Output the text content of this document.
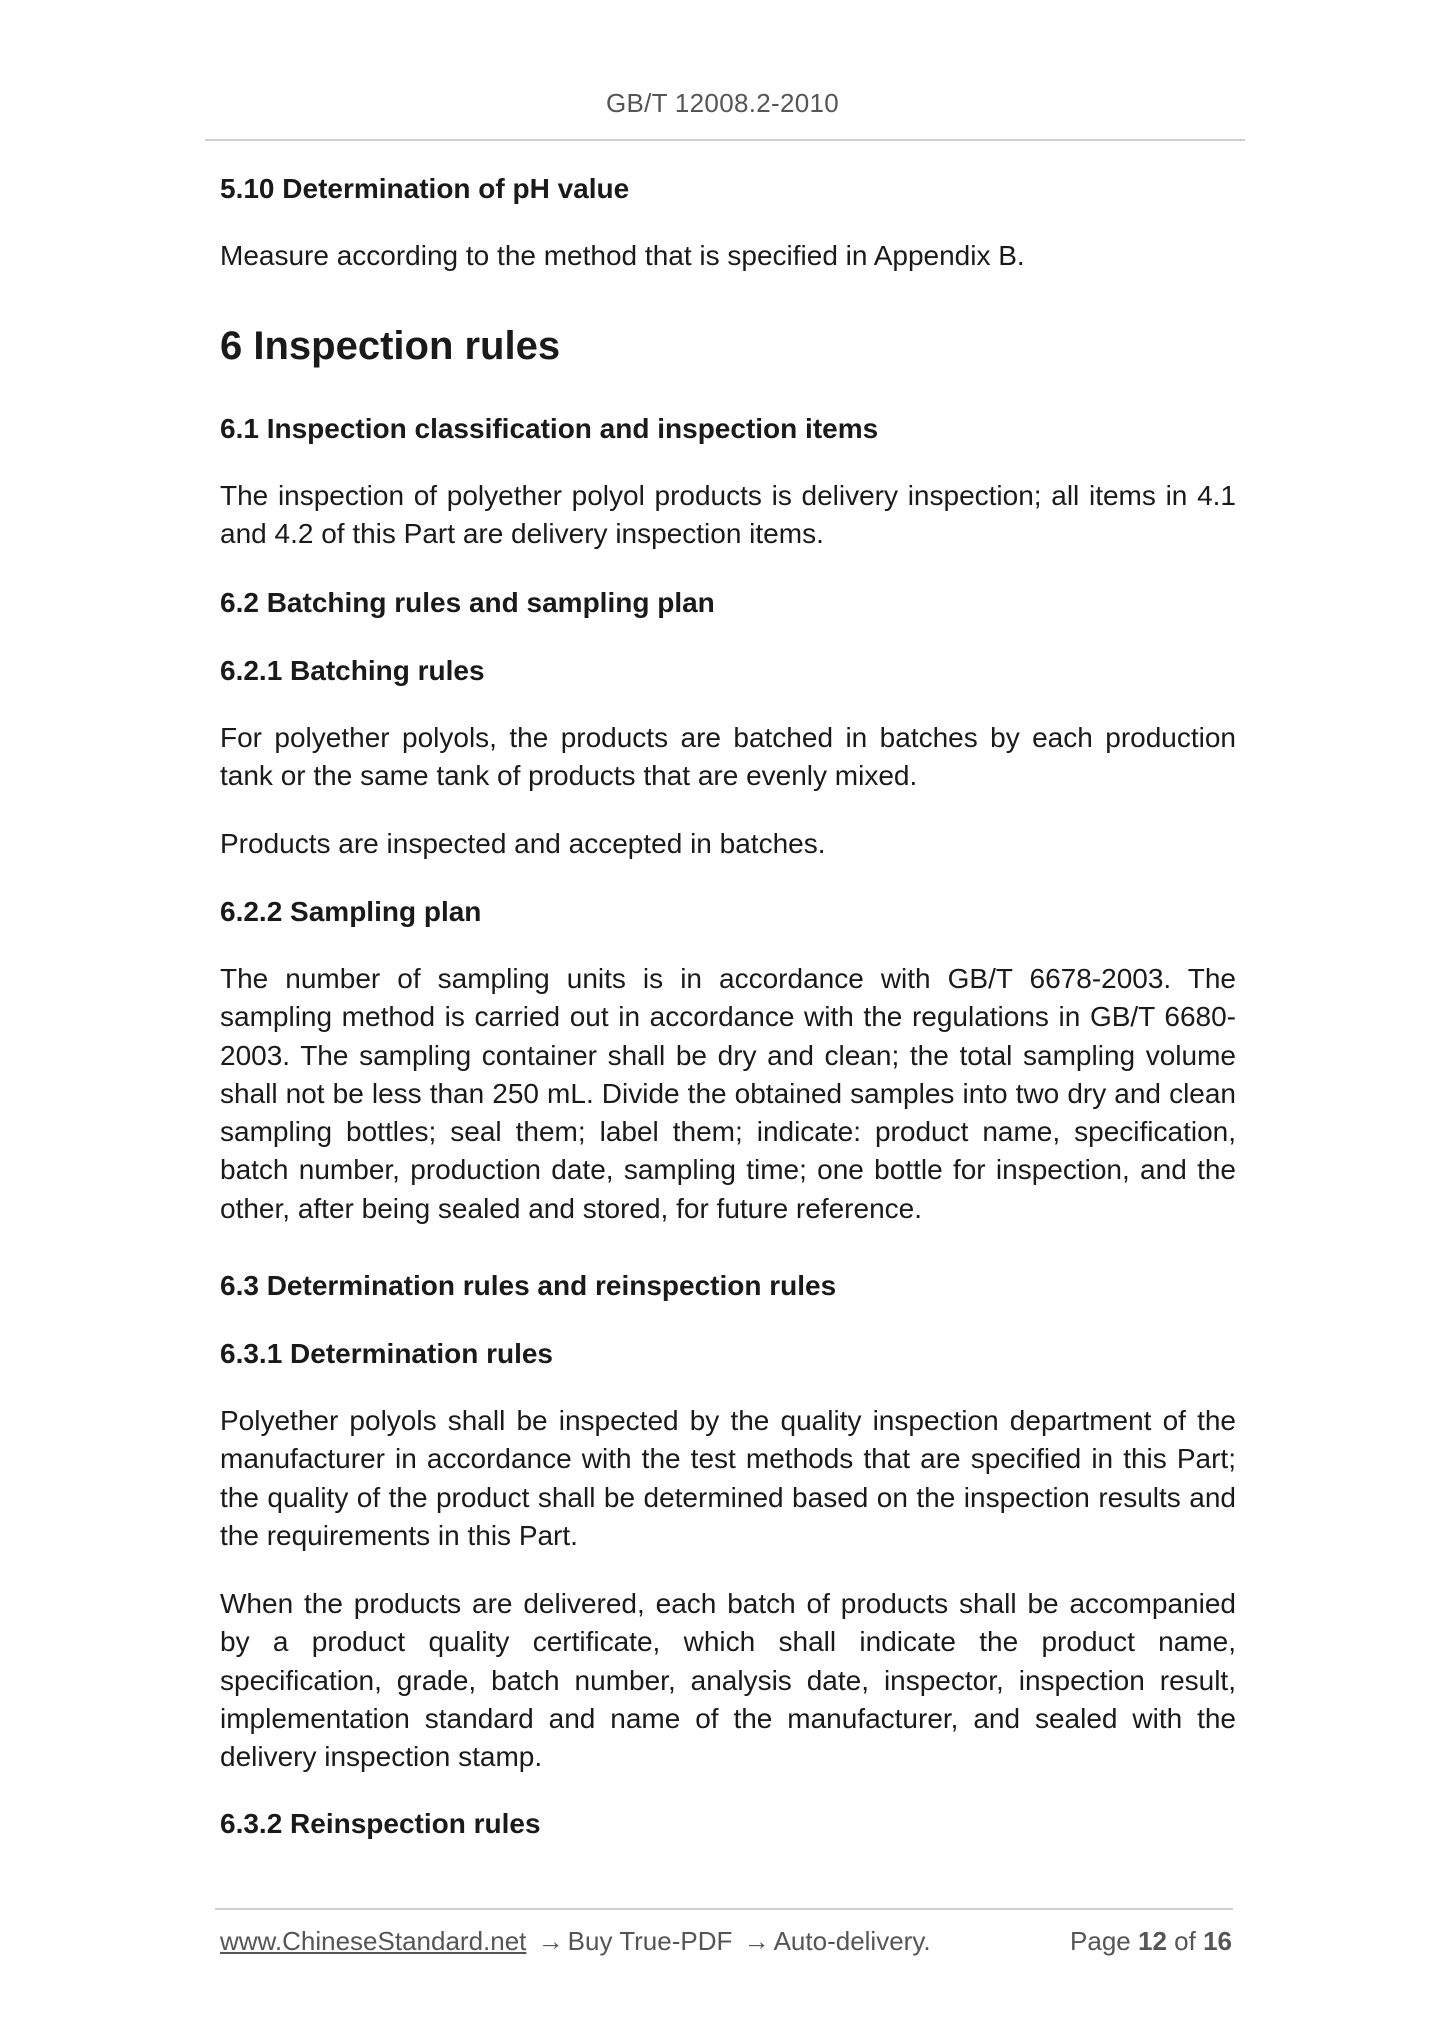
GB/T 12008.2-2010
5.10 Determination of pH value
Measure according to the method that is specified in Appendix B.
6 Inspection rules
6.1 Inspection classification and inspection items
The inspection of polyether polyol products is delivery inspection; all items in 4.1 and 4.2 of this Part are delivery inspection items.
6.2 Batching rules and sampling plan
6.2.1 Batching rules
For polyether polyols, the products are batched in batches by each production tank or the same tank of products that are evenly mixed.
Products are inspected and accepted in batches.
6.2.2 Sampling plan
The number of sampling units is in accordance with GB/T 6678-2003. The sampling method is carried out in accordance with the regulations in GB/T 6680-2003. The sampling container shall be dry and clean; the total sampling volume shall not be less than 250 mL. Divide the obtained samples into two dry and clean sampling bottles; seal them; label them; indicate: product name, specification, batch number, production date, sampling time; one bottle for inspection, and the other, after being sealed and stored, for future reference.
6.3 Determination rules and reinspection rules
6.3.1 Determination rules
Polyether polyols shall be inspected by the quality inspection department of the manufacturer in accordance with the test methods that are specified in this Part; the quality of the product shall be determined based on the inspection results and the requirements in this Part.
When the products are delivered, each batch of products shall be accompanied by a product quality certificate, which shall indicate the product name, specification, grade, batch number, analysis date, inspector, inspection result, implementation standard and name of the manufacturer, and sealed with the delivery inspection stamp.
6.3.2 Reinspection rules
www.ChineseStandard.net → Buy True-PDF → Auto-delivery.	Page 12 of 16
